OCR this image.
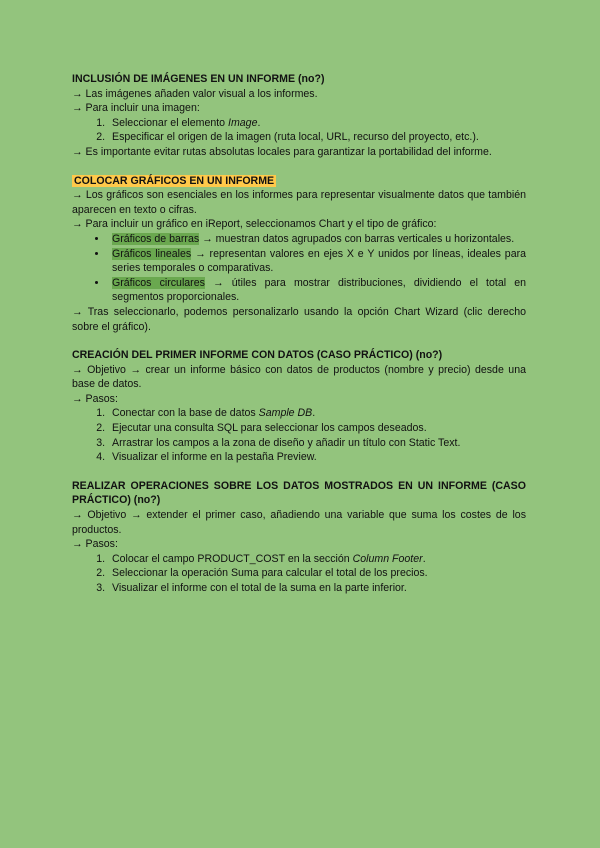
INCLUSIÓN DE IMÁGENES EN UN INFORME (no?)

→ Las imágenes añaden valor visual a los informes.

→ Para incluir una imagen:

1. Seleccionar el elemento Image.
2. Especificar el origen de la imagen (ruta local, URL, recurso del proyecto, etc.).

→ Es importante evitar rutas absolutas locales para garantizar la portabilidad del informe.

COLOCAR GRÁFICOS EN UN INFORME

→ Los gráficos son esenciales en los informes para representar visualmente datos que también aparecen en texto o cifras.

→ Para incluir un gráfico en iReport, seleccionamos Chart y el tipo de gráfico:

• Gráficos de barras → muestran datos agrupados con barras verticales u horizontales.
• Gráficos lineales → representan valores en ejes X e Y unidos por líneas, ideales para series temporales o comparativas.
• Gráficos circulares → útiles para mostrar distribuciones, dividiendo el total en segmentos proporcionales.

→ Tras seleccionarlo, podemos personalizarlo usando la opción Chart Wizard (clic derecho sobre el gráfico).

CREACIÓN DEL PRIMER INFORME CON DATOS (CASO PRÁCTICO) (no?)

→ Objetivo → crear un informe básico con datos de productos (nombre y precio) desde una base de datos.

→ Pasos:

1. Conectar con la base de datos Sample DB.
2. Ejecutar una consulta SQL para seleccionar los campos deseados.
3. Arrastrar los campos a la zona de diseño y añadir un título con Static Text.
4. Visualizar el informe en la pestaña Preview.

REALIZAR OPERACIONES SOBRE LOS DATOS MOSTRADOS EN UN INFORME (CASO PRÁCTICO) (no?)

→ Objetivo → extender el primer caso, añadiendo una variable que suma los costes de los productos.

→ Pasos:

1. Colocar el campo PRODUCT_COST en la sección Column Footer.
2. Seleccionar la operación Suma para calcular el total de los precios.
3. Visualizar el informe con el total de la suma en la parte inferior.
